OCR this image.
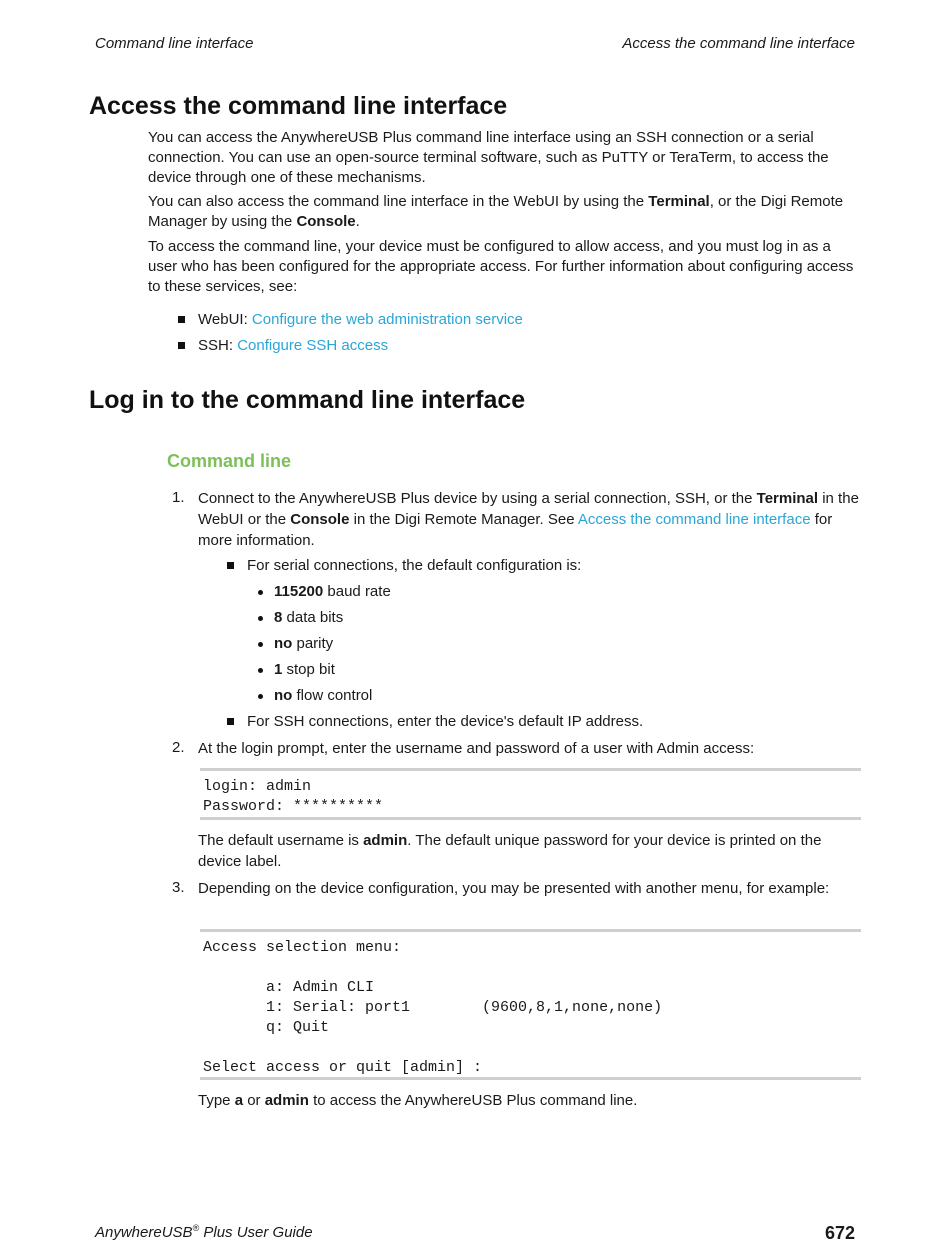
Command line interface	Access the command line interface
Access the command line interface

You can access the AnywhereUSB Plus command line interface using an SSH connection or a serial connection. You can use an open-source terminal software, such as PuTTY or TeraTerm, to access the device through one of these mechanisms.

You can also access the command line interface in the WebUI by using the Terminal, or the Digi Remote Manager by using the Console.

To access the command line, your device must be configured to allow access, and you must log in as a user who has been configured for the appropriate access. For further information about configuring access to these services, see:

WebUI: Configure the web administration service
SSH: Configure SSH access
Log in to the command line interface
Command line
1. Connect to the AnywhereUSB Plus device by using a serial connection, SSH, or the Terminal in the WebUI or the Console in the Digi Remote Manager. See Access the command line interface for more information.

For serial connections, the default configuration is:
115200 baud rate
8 data bits
no parity
1 stop bit
no flow control
For SSH connections, enter the device's default IP address.
2. At the login prompt, enter the username and password of a user with Admin access:

login: admin
Password: **********

The default username is admin. The default unique password for your device is printed on the device label.

3. Depending on the device configuration, you may be presented with another menu, for example:

Access selection menu:

a: Admin CLI
1: Serial: port1        (9600,8,1,none,none)
q: Quit

Select access or quit [admin] :

Type a or admin to access the AnywhereUSB Plus command line.

AnywhereUSB® Plus User Guide	672
